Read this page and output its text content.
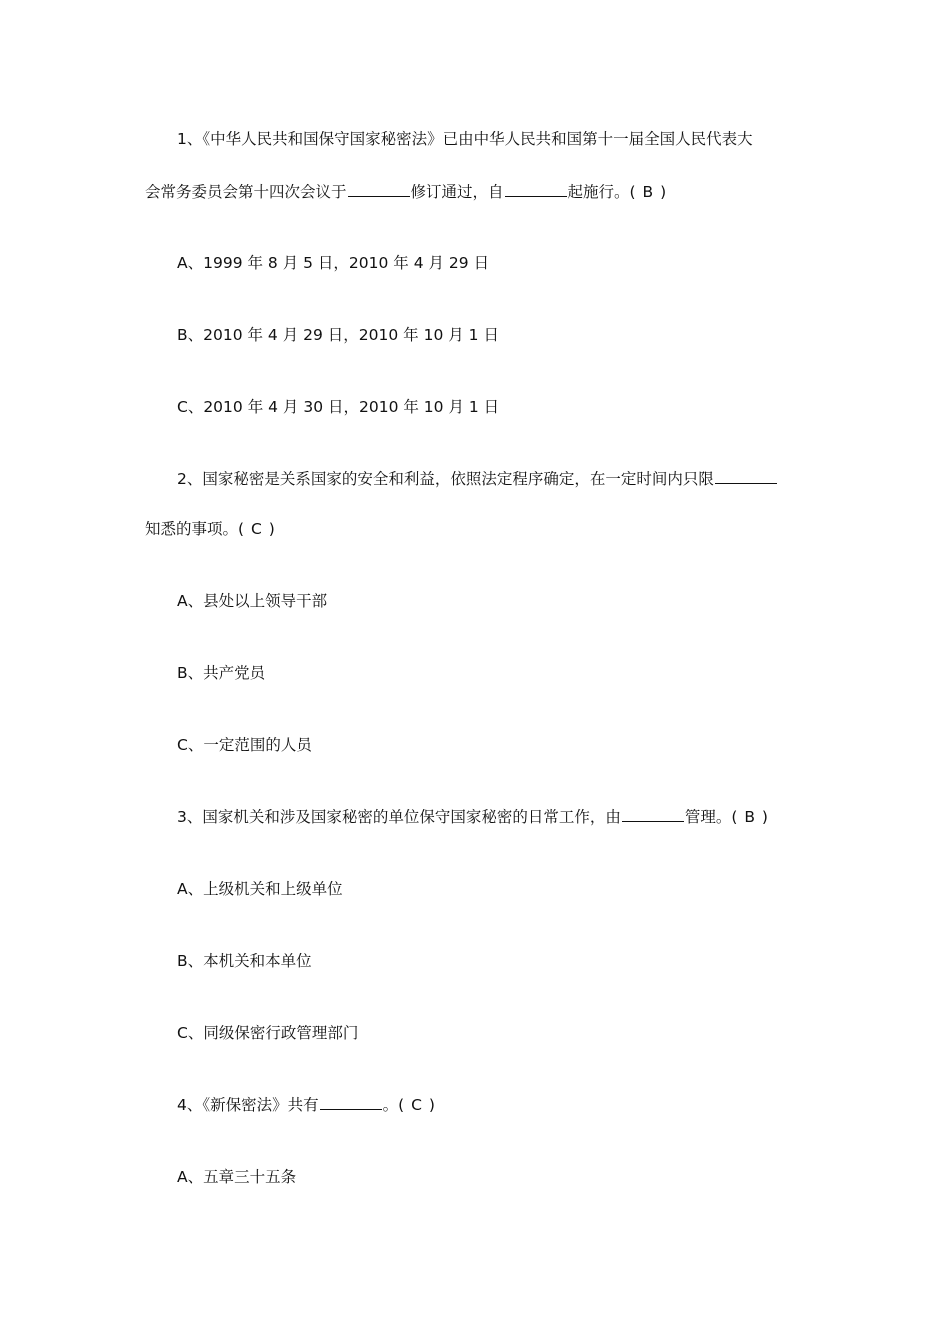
1、《中华人民共和国保守国家秘密法》已由中华人民共和国第十一届全国人民代表大
会常务委员会第十四次会议于	修订通过，自	起施行。( B )
A、1999 年 8 月 5 日，2010 年 4 月 29 日
B、2010 年 4 月 29 日，2010 年 10 月 1 日
C、2010 年 4 月 30 日，2010 年 10 月 1 日
2、国家秘密是关系国家的安全和利益，依照法定程序确定，在一定时间内只限
知悉的事项。( C )
A、县处以上领导干部
B、共产党员
C、一定范围的人员
3、国家机关和涉及国家秘密的单位保守国家秘密的日常工作，由	管理。( B )
A、上级机关和上级单位
B、本机关和本单位
C、同级保密行政管理部门
4、《新保密法》共有	。( C )
A、五章三十五条
